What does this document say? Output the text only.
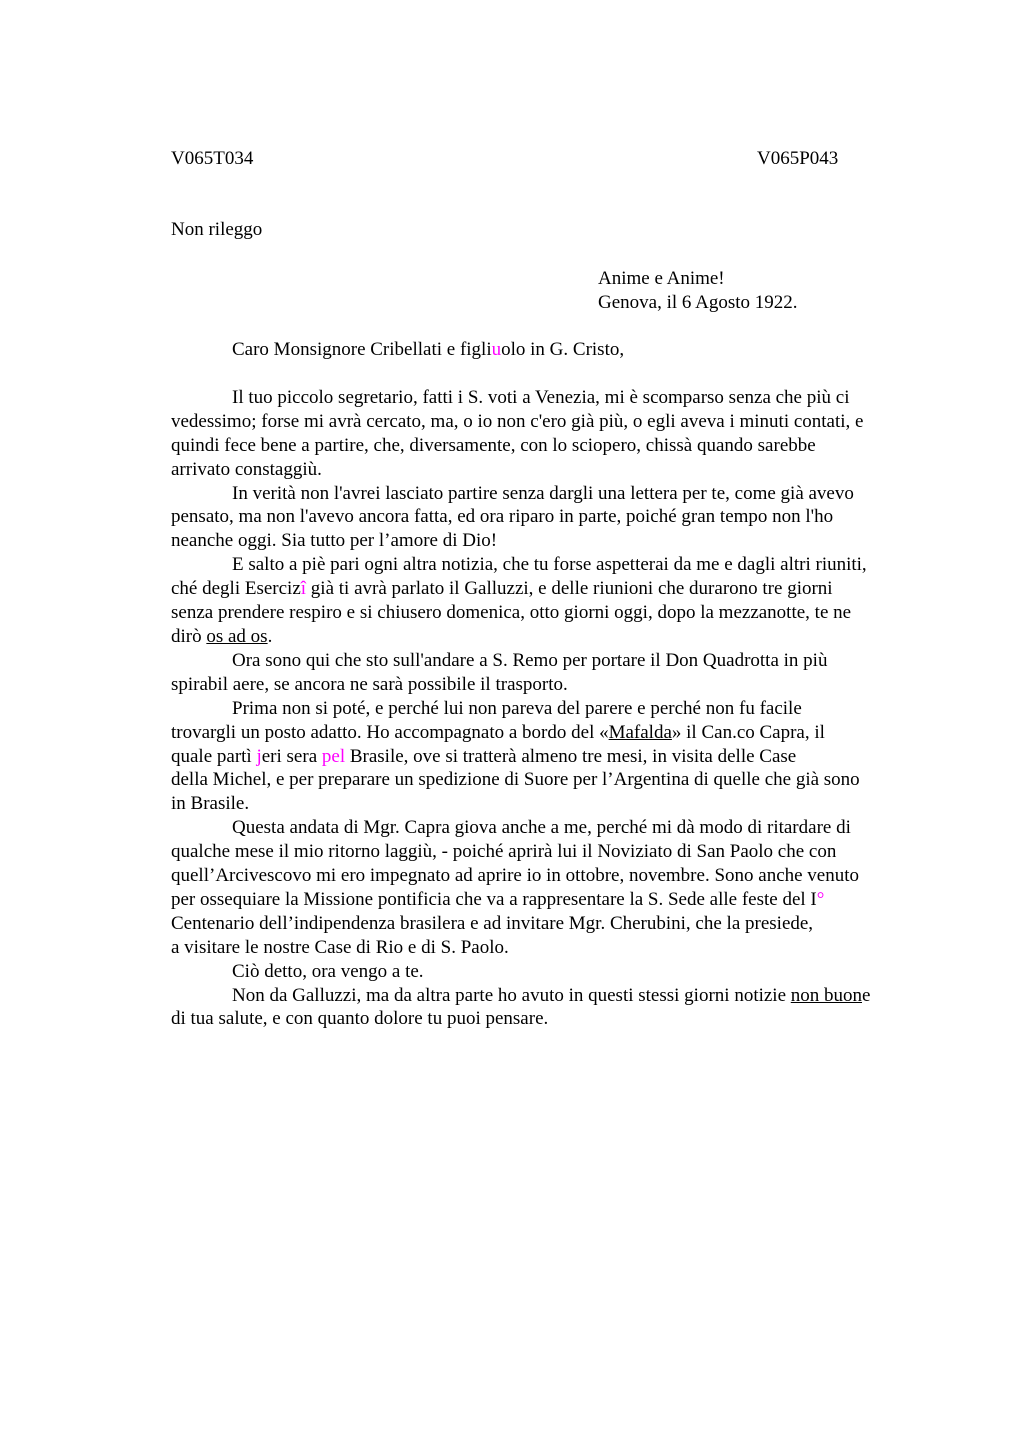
V065T034	V065P043
Non rileggo
Anime e Anime!
Genova, il 6 Agosto 1922.

Caro Monsignore Cribellati e figliuolo in G. Cristo,

Il tuo piccolo segretario, fatti i S. voti a Venezia, mi è scomparso senza che più ci

vedessimo; forse mi avrà cercato, ma, o io non c'ero già più, o egli aveva i minuti contati, e
quindi fece bene a partire, che, diversamente, con lo sciopero, chissà quando sarebbe
arrivato constaggiù.

In verità non l'avrei lasciato partire senza dargli una lettera per te, come già avevo

pensato, ma non l'avevo ancora fatta, ed ora riparo in parte, poiché gran tempo non l'ho
neanche oggi. Sia tutto per l’amore di Dio!

E salto a piè pari ogni altra notizia, che tu forse aspetterai da me e dagli altri riuniti,

ché degli Esercizî già ti avrà parlato il Galluzzi, e delle riunioni che durarono tre giorni
senza prendere respiro e si chiusero domenica, otto giorni oggi, dopo la mezzanotte, te ne
dirò os ad os.

Ora sono qui che sto sull'andare a S. Remo per portare il Don Quadrotta in più

spirabil aere, se ancora ne sarà possibile il trasporto.

Prima non si poté, e perché lui non pareva del parere e perché non fu facile

trovargli un posto adatto. Ho accompagnato a bordo del «Mafalda» il Can.co Capra, il
quale partì jeri sera pel Brasile, ove si tratterà almeno tre mesi, in visita delle Case
della Michel, e per preparare un spedizione di Suore per l’Argentina di quelle che già sono
in Brasile.

Questa andata di Mgr. Capra giova anche a me, perché mi dà modo di ritardare di

qualche mese il mio ritorno laggiù, - poiché aprirà lui il Noviziato di San Paolo che con
quell’Arcivescovo mi ero impegnato ad aprire io in ottobre, novembre. Sono anche venuto
per ossequiare la Missione pontificia che va a rappresentare la S. Sede alle feste del I°
Centenario dell’indipendenza brasilera e ad invitare Mgr. Cherubini, che la presiede,
a visitare le nostre Case di Rio e di S. Paolo.

Ciò detto, ora vengo a te.

Non da Galluzzi, ma da altra parte ho avuto in questi stessi giorni notizie non buone

di tua salute, e con quanto dolore tu puoi pensare.
